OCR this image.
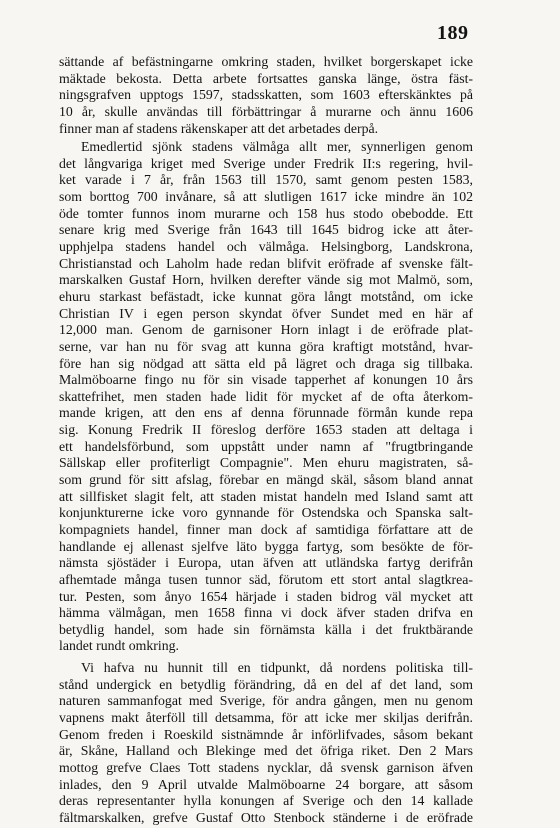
189
sättande af befästningarne omkring staden, hvilket borgerskapet icke
mäktade bekosta. Detta arbete fortsattes ganska länge, östra fäst-
ningsgrafven upptogs 1597, stadsskatten, som 1603 efterskänktes på
10 år, skulle användas till förbättringar å murarne och ännu 1606
finner man af stadens räkenskaper att det arbetades derpå.
Emedlertid sjönk stadens välmåga allt mer, synnerligen genom
det långvariga kriget med Sverige under Fredrik II:s regering, hvil-
ket varade i 7 år, från 1563 till 1570, samt genom pesten 1583,
som borttog 700 invånare, så att slutligen 1617 icke mindre än 102
öde tomter funnos inom murarne och 158 hus stodo obebodde. Ett
senare krig med Sverige från 1643 till 1645 bidrog icke att åter-
upphjelpa stadens handel och välmåga. Helsingborg, Landskrona,
Christianstad och Laholm hade redan blifvit eröfrade af svenske fält-
marskalken Gustaf Horn, hvilken derefter vände sig mot Malmö, som,
ehuru starkast befästadt, icke kunnat göra långt motstånd, om icke
Christian IV i egen person skyndat öfver Sundet med en här af
12,000 man. Genom de garnisoner Horn inlagt i de eröfrade plat-
serne, var han nu för svag att kunna göra kraftigt motstånd, hvar-
före han sig nödgad att sätta eld på lägret och draga sig tillbaka.
Malmöboarne fingo nu för sin visade tapperhet af konungen 10 års
skattefrihet, men staden hade lidit för mycket af de ofta återkom-
mande krigen, att den ens af denna förunnade förmån kunde repa
sig. Konung Fredrik II föreslog derföre 1653 staden att deltaga i
ett handelsförbund, som uppstått under namn af "frugtbringande
Sällskap eller profiterligt Compagnie". Men ehuru magistraten, så-
som grund för sitt afslag, förebar en mängd skäl, såsom bland annat
att sillfisket slagit felt, att staden mistat handeln med Island samt att
konjunkturerne icke voro gynnande för Ostendska och Spanska salt-
kompagniets handel, finner man dock af samtidiga författare att de
handlande ej allenast sjelfve läto bygga fartyg, som besökte de för-
nämsta sjöstäder i Europa, utan äfven att utländska fartyg derifrån
afhemtade många tusen tunnor säd, förutom ett stort antal slagtkrea-
tur. Pesten, som ånyo 1654 härjade i staden bidrog väl mycket att
hämma välmågan, men 1658 finna vi dock äfver staden drifva en
betydlig handel, som hade sin förnämsta källa i det fruktbärande
landet rundt omkring.
Vi hafva nu hunnit till en tidpunkt, då nordens politiska till-
stånd undergick en betydlig förändring, då en del af det land, som
naturen sammanfogat med Sverige, för andra gången, men nu genom
vapnens makt återföll till detsamma, för att icke mer skiljas derifrån.
Genom freden i Roeskild sistnämnde år införlifvades, såsom bekant
är, Skåne, Halland och Blekinge med det öfriga riket. Den 2 Mars
mottog grefve Claes Tott stadens nycklar, då svensk garnison äfven
inlades, den 9 April utvalde Malmöboarne 24 borgare, att såsom
deras representanter hylla konungen af Sverige och den 14 kallade
fältmarskalken, grefve Gustaf Otto Stenbock ständerne i de eröfrade
